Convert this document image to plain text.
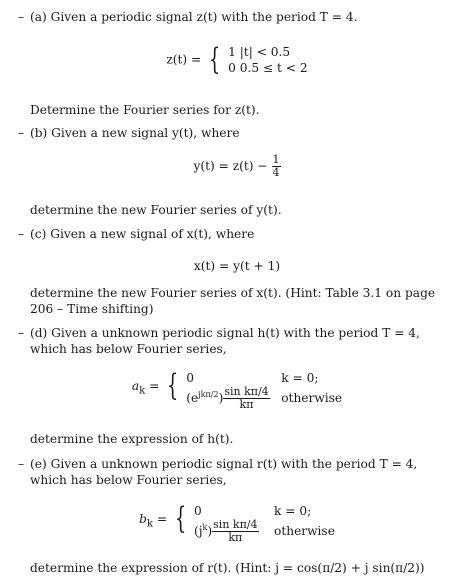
– (a) Given a periodic signal z(t) with the period T = 4.
z(t) = { 1 |t| < 0.5
0 0.5 ≤ t < 2
Determine the Fourier series for z(t).
– (b) Given a new signal y(t), where
$y(t) = z(t) - \frac{1}{4}$
determine the new Fourier series of y(t).
– (c) Given a new signal of x(t), where
x(t) = y(t + 1)
determine the new Fourier series of x(t). (Hint: Table 3.1 on page
206 – Time shifting)
– (d) Given a unknown periodic signal h(t) with the period T = 4,
which has below Fourier series,
$a_k$ = { 0	k = 0;
$(e^{jk\pi/2}) \frac{\text{sin kπ/4}}{k\pi}$ otherwise
determine the expression of h(t).
– (e) Given a unknown periodic signal r(t) with the period T = 4,
which has below Fourier series,
$b_k$ = { 0	k = 0;
$(j^k) \frac{\text{sin kπ/4}}{k\pi}$ otherwise
determine the expression of r(t). (Hint: j = cos(π/2) + j sin(π/2))
